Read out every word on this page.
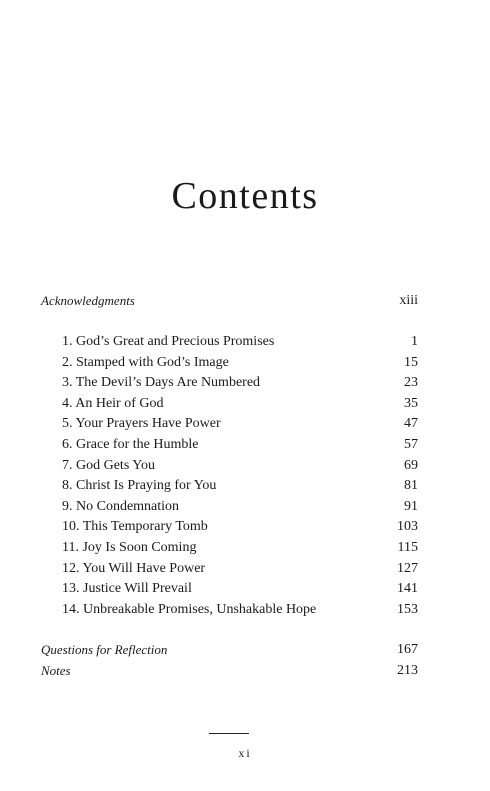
Contents
Acknowledgments	xiii
1. God’s Great and Precious Promises	1
2. Stamped with God’s Image	15
3. The Devil’s Days Are Numbered	23
4. An Heir of God	35
5. Your Prayers Have Power	47
6. Grace for the Humble	57
7. God Gets You	69
8. Christ Is Praying for You	81
9. No Condemnation	91
10. This Temporary Tomb	103
11. Joy Is Soon Coming	115
12. You Will Have Power	127
13. Justice Will Prevail	141
14. Unbreakable Promises, Unshakable Hope	153
Questions for Reflection	167
Notes	213
xi
